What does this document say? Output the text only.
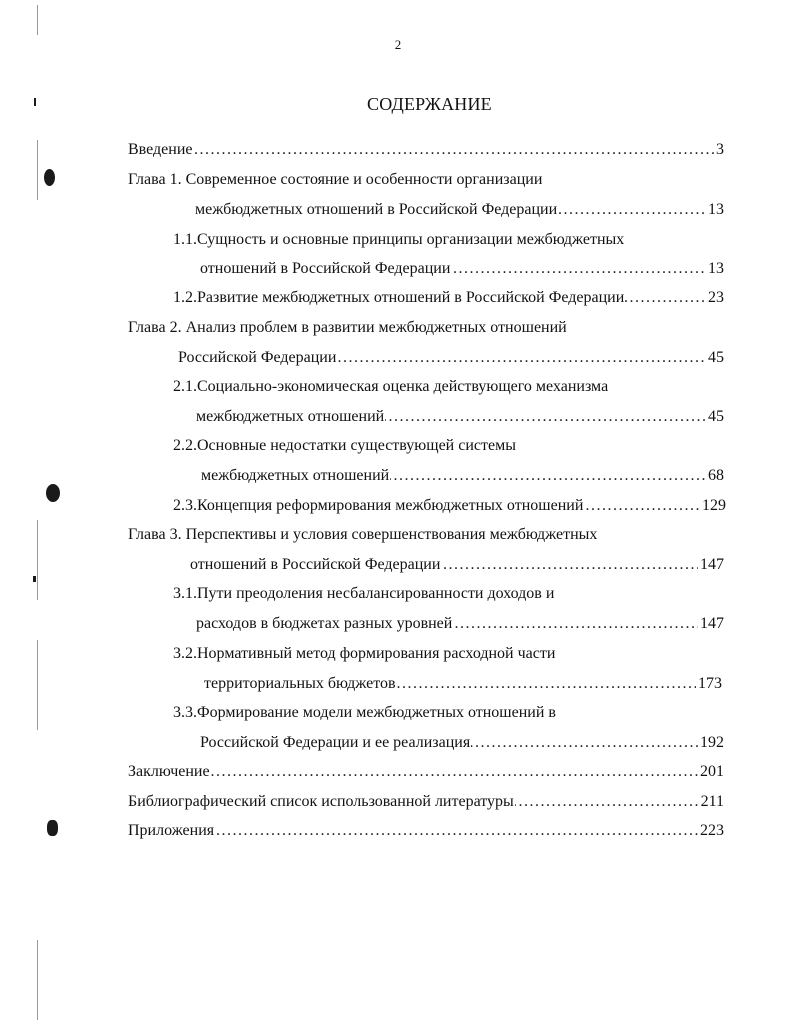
2
СОДЕРЖАНИЕ
.....
Введение	3
Глава 1. Современное состояние и особенности организации
.....
межбюджетных отношений в Российской Федерации	13
1.1.Сущность и основные принципы организации межбюджетных
.....
отношений в Российской Федерации	13
.....
1.2.Развитие межбюджетных отношений в Российской Федерации	23
Глава 2. Анализ проблем в развитии межбюджетных отношений
.....
Российской Федерации	45
2.1.Социально-экономическая оценка действующего механизма
.....
межбюджетных отношений	45
2.2.Основные недостатки существующей системы
.....
межбюджетных отношений	68
.....
2.3.Концепция реформирования межбюджетных отношений	129
Глава 3. Перспективы и условия совершенствования межбюджетных
.....
отношений в Российской Федерации	147
3.1.Пути преодоления несбалансированности доходов и
.....
расходов в бюджетах разных уровней	147
3.2.Нормативный метод формирования расходной части
.....
территориальных бюджетов	173
3.3.Формирование модели межбюджетных отношений в
.....
Российской Федерации и ее реализация	192
.....
Заключение	201
.....
Библиографический список использованной литературы	211
.....
Приложения	223
